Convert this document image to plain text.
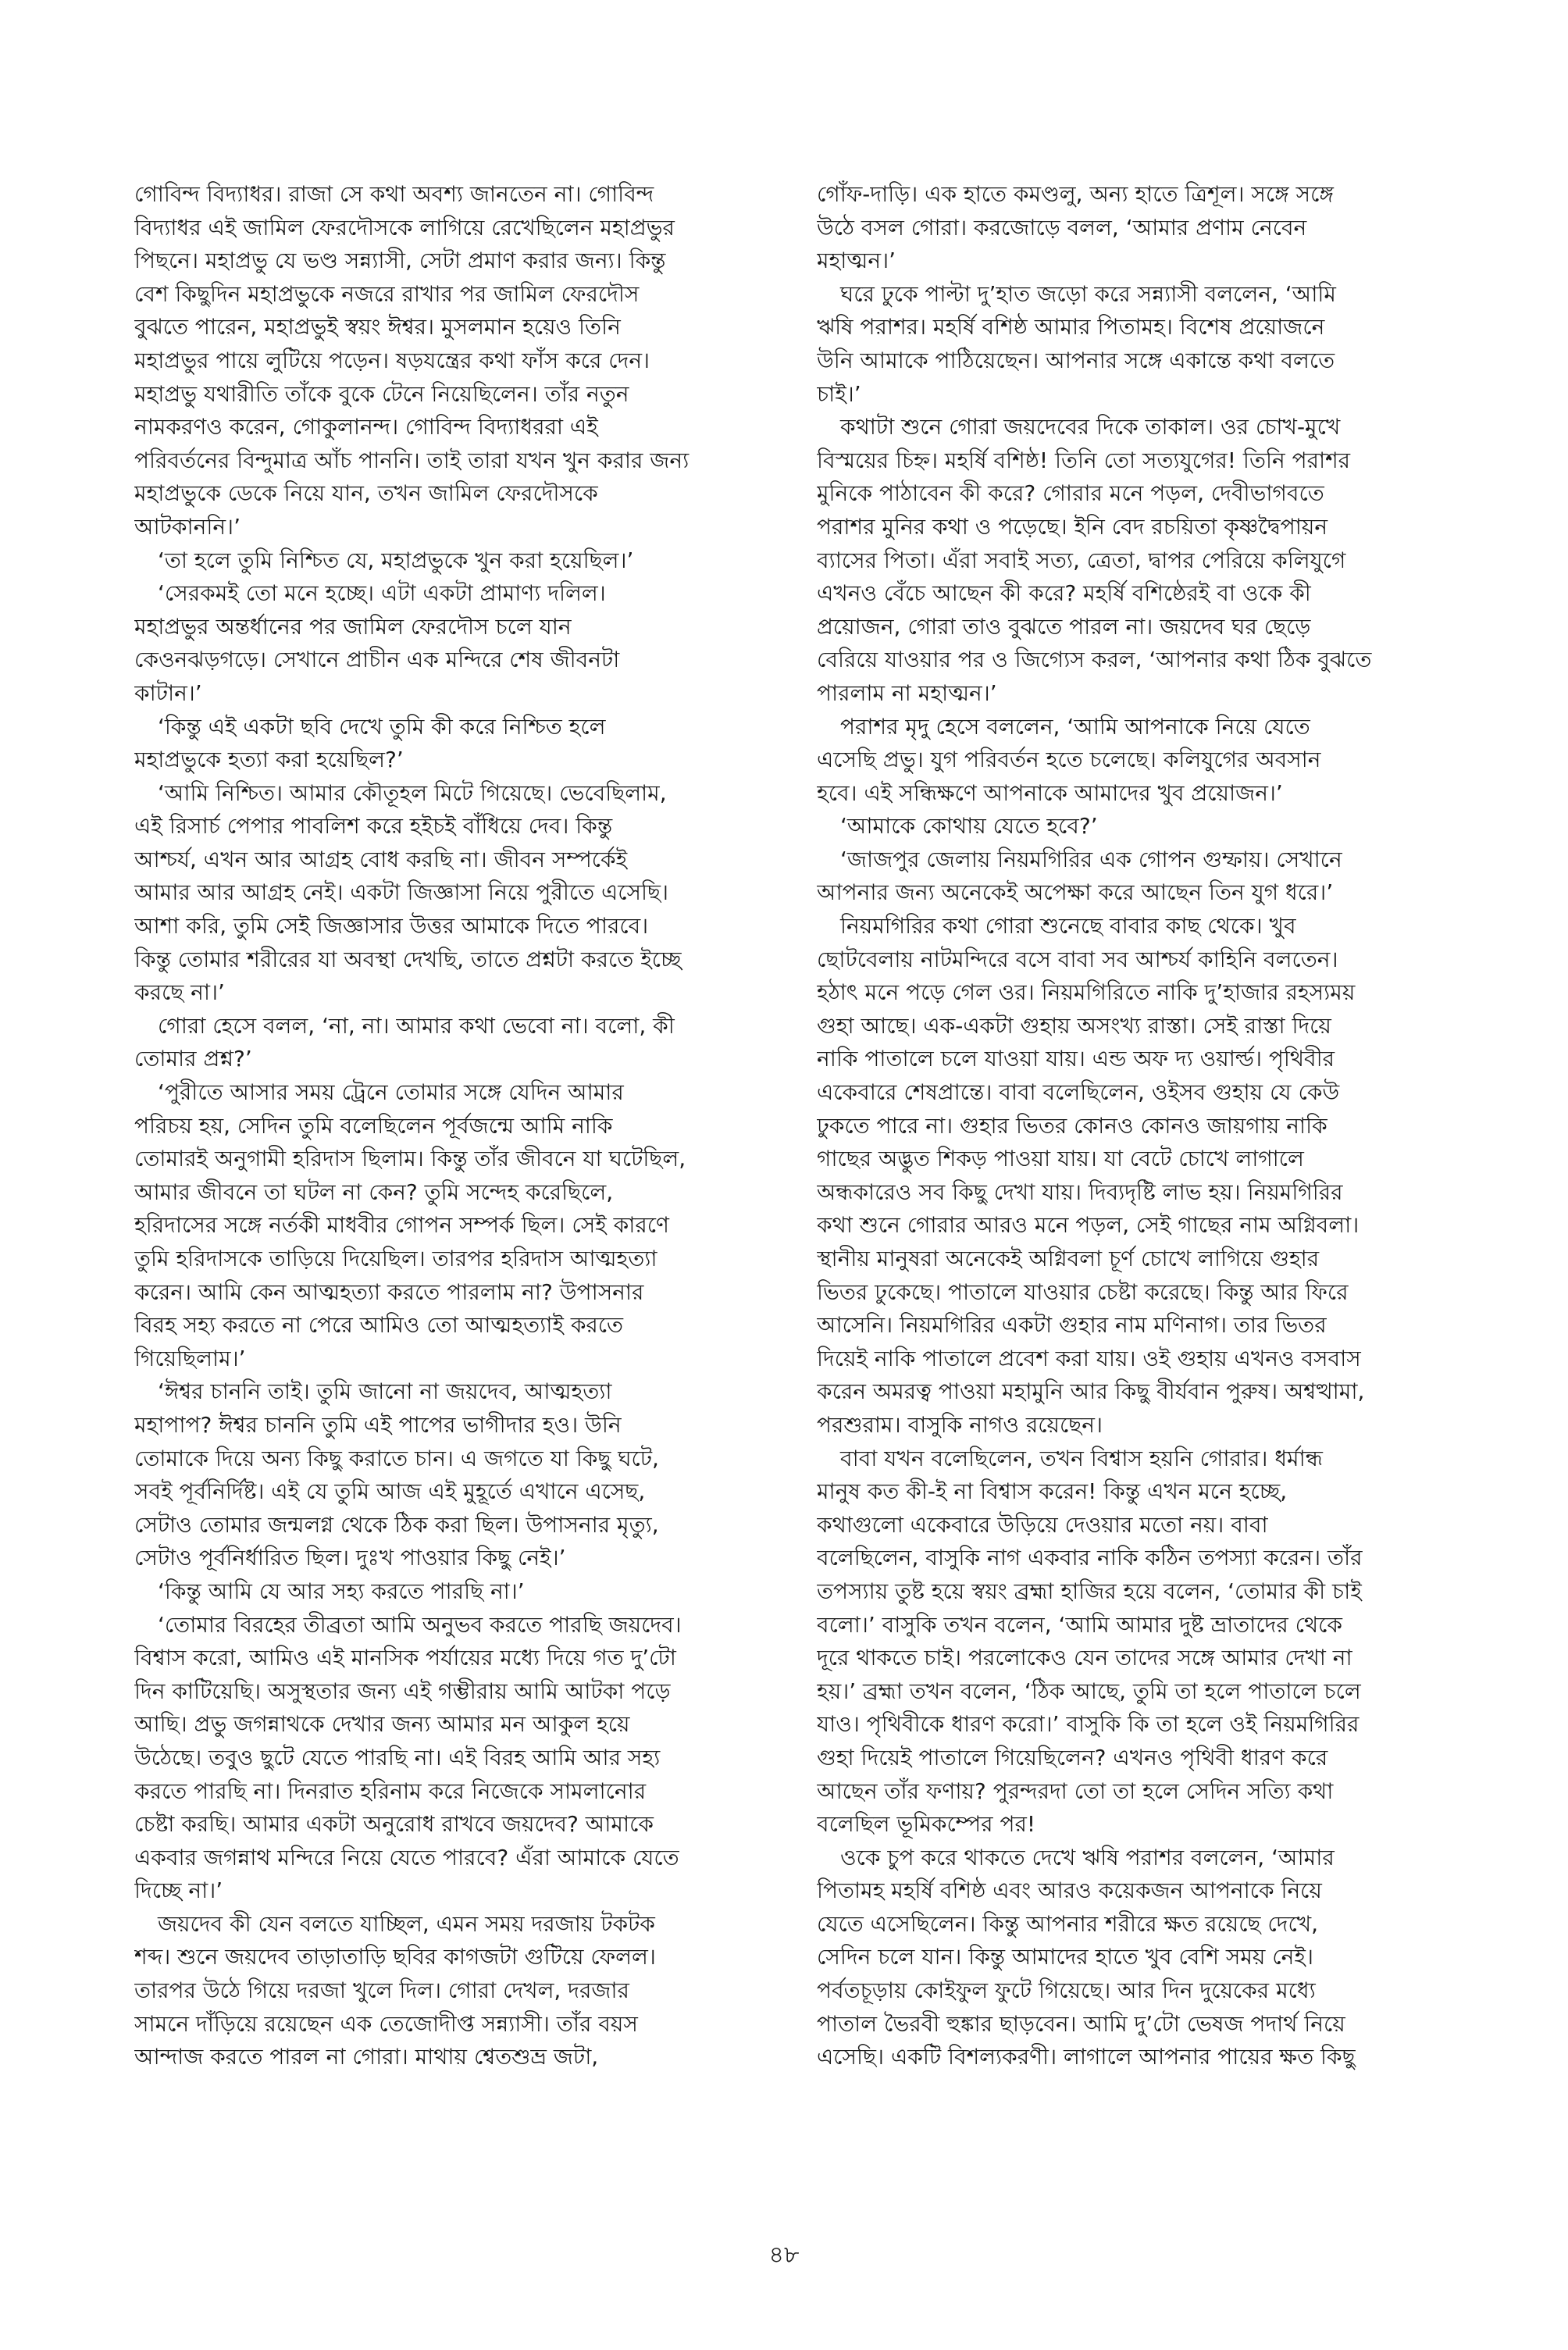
গোবিন্দ বিদ্যাধর। রাজা সে কথা অবশ্য জানতেন না। গোবিন্দ
বিদ্যাধর এই জামিল ফেরদৌসকে লাগিয়ে রেখেছিলেন মহাপ্রভুর
পিছনে। মহাপ্রভু যে ভণ্ড সন্ন্যাসী, সেটা প্রমাণ করার জন্য। কিন্তু
বেশ কিছুদিন মহাপ্রভুকে নজরে রাখার পর জামিল ফেরদৌস
বুঝতে পারেন, মহাপ্রভুই স্বয়ং ঈশ্বর। মুসলমান হয়েও তিনি
মহাপ্রভুর পায়ে লুটিয়ে পড়েন। ষড়যন্ত্রের কথা ফাঁস করে দেন।
মহাপ্রভু যথারীতি তাঁকে বুকে টেনে নিয়েছিলেন। তাঁর নতুন
নামকরণও করেন, গোকুলানন্দ। গোবিন্দ বিদ্যাধররা এই
পরিবর্তনের বিন্দুমাত্র আঁচ পাননি। তাই তারা যখন খুন করার জন্য
মহাপ্রভুকে ডেকে নিয়ে যান, তখন জামিল ফেরদৌসকে
আটকাননি।’
‘তা হলে তুমি নিশ্চিত যে, মহাপ্রভুকে খুন করা হয়েছিল।’
‘সেরকমই তো মনে হচ্ছে। এটা একটা প্রামাণ্য দলিল।
মহাপ্রভুর অন্তর্ধানের পর জামিল ফেরদৌস চলে যান
কেওনঝড়গড়ে। সেখানে প্রাচীন এক মন্দিরে শেষ জীবনটা
কাটান।’
‘কিন্তু এই একটা ছবি দেখে তুমি কী করে নিশ্চিত হলে
মহাপ্রভুকে হত্যা করা হয়েছিল?’
‘আমি নিশ্চিত। আমার কৌতূহল মিটে গিয়েছে। ভেবেছিলাম,
এই রিসার্চ পেপার পাবলিশ করে হইচই বাঁধিয়ে দেব। কিন্তু
আশ্চর্য, এখন আর আগ্রহ বোধ করছি না। জীবন সম্পর্কেই
আমার আর আগ্রহ নেই। একটা জিজ্ঞাসা নিয়ে পুরীতে এসেছি।
আশা করি, তুমি সেই জিজ্ঞাসার উত্তর আমাকে দিতে পারবে।
কিন্তু তোমার শরীরের যা অবস্থা দেখছি, তাতে প্রশ্নটা করতে ইচ্ছে
করছে না।’
গোরা হেসে বলল, ‘না, না। আমার কথা ভেবো না। বলো, কী
তোমার প্রশ্ন?’
‘পুরীতে আসার সময় ট্রেনে তোমার সঙ্গে যেদিন আমার
পরিচয় হয়, সেদিন তুমি বলেছিলেন পূর্বজন্মে আমি নাকি
তোমারই অনুগামী হরিদাস ছিলাম। কিন্তু তাঁর জীবনে যা ঘটেছিল,
আমার জীবনে তা ঘটল না কেন? তুমি সন্দেহ করেছিলে,
হরিদাসের সঙ্গে নর্তকী মাধবীর গোপন সম্পর্ক ছিল। সেই কারণে
তুমি হরিদাসকে তাড়িয়ে দিয়েছিল। তারপর হরিদাস আত্মহত্যা
করেন। আমি কেন আত্মহত্যা করতে পারলাম না? উপাসনার
বিরহ সহ্য করতে না পেরে আমিও তো আত্মহত্যাই করতে
গিয়েছিলাম।’
‘ঈশ্বর চাননি তাই। তুমি জানো না জয়দেব, আত্মহত্যা
মহাপাপ? ঈশ্বর চাননি তুমি এই পাপের ভাগীদার হও। উনি
তোমাকে দিয়ে অন্য কিছু করাতে চান। এ জগতে যা কিছু ঘটে,
সবই পূর্বনির্দিষ্ট। এই যে তুমি আজ এই মুহূর্তে এখানে এসেছ,
সেটাও তোমার জন্মলগ্ন থেকে ঠিক করা ছিল। উপাসনার মৃত্যু,
সেটাও পূর্বনির্ধারিত ছিল। দুঃখ পাওয়ার কিছু নেই।’
‘কিন্তু আমি যে আর সহ্য করতে পারছি না।’
‘তোমার বিরহের তীব্রতা আমি অনুভব করতে পারছি জয়দেব।
বিশ্বাস করো, আমিও এই মানসিক পর্যায়ের মধ্যে দিয়ে গত দু’টো
দিন কাটিয়েছি। অসুস্থতার জন্য এই গম্ভীরায় আমি আটকা পড়ে
আছি। প্রভু জগন্নাথকে দেখার জন্য আমার মন আকুল হয়ে
উঠেছে। তবুও ছুটে যেতে পারছি না। এই বিরহ আমি আর সহ্য
করতে পারছি না। দিনরাত হরিনাম করে নিজেকে সামলানোর
চেষ্টা করছি। আমার একটা অনুরোধ রাখবে জয়দেব? আমাকে
একবার জগন্নাথ মন্দিরে নিয়ে যেতে পারবে? এঁরা আমাকে যেতে
দিচ্ছে না।’
জয়দেব কী যেন বলতে যাচ্ছিল, এমন সময় দরজায় টকটক
শব্দ। শুনে জয়দেব তাড়াতাড়ি ছবির কাগজটা গুটিয়ে ফেলল।
তারপর উঠে গিয়ে দরজা খুলে দিল। গোরা দেখল, দরজার
সামনে দাঁড়িয়ে রয়েছেন এক তেজোদীপ্ত সন্ন্যাসী। তাঁর বয়স
আন্দাজ করতে পারল না গোরা। মাথায় শ্বেতশুভ্র জটা,
গোঁফ-দাড়ি। এক হাতে কমণ্ডলু, অন্য হাতে ত্রিশূল। সঙ্গে সঙ্গে
উঠে বসল গোরা। করজোড়ে বলল, ‘আমার প্রণাম নেবেন
মহাত্মন।’
ঘরে ঢুকে পাল্টা দু’হাত জড়ো করে সন্ন্যাসী বললেন, ‘আমি
ঋষি পরাশর। মহর্ষি বশিষ্ঠ আমার পিতামহ। বিশেষ প্রয়োজনে
উনি আমাকে পাঠিয়েছেন। আপনার সঙ্গে একান্তে কথা বলতে
চাই।’
কথাটা শুনে গোরা জয়দেবের দিকে তাকাল। ওর চোখ-মুখে
বিস্ময়ের চিহ্ন। মহর্ষি বশিষ্ঠ! তিনি তো সত্যযুগের! তিনি পরাশর
মুনিকে পাঠাবেন কী করে? গোরার মনে পড়ল, দেবীভাগবতে
পরাশর মুনির কথা ও পড়েছে। ইনি বেদ রচয়িতা কৃষ্ণদ্বৈপায়ন
ব্যাসের পিতা। এঁরা সবাই সত্য, ত্রেতা, দ্বাপর পেরিয়ে কলিযুগে
এখনও বেঁচে আছেন কী করে? মহর্ষি বশিষ্ঠেরই বা ওকে কী
প্রয়োজন, গোরা তাও বুঝতে পারল না। জয়দেব ঘর ছেড়ে
বেরিয়ে যাওয়ার পর ও জিগ্যেস করল, ‘আপনার কথা ঠিক বুঝতে
পারলাম না মহাত্মন।’
পরাশর মৃদু হেসে বললেন, ‘আমি আপনাকে নিয়ে যেতে
এসেছি প্রভু। যুগ পরিবর্তন হতে চলেছে। কলিযুগের অবসান
হবে। এই সন্ধিক্ষণে আপনাকে আমাদের খুব প্রয়োজন।’
‘আমাকে কোথায় যেতে হবে?’
‘জাজপুর জেলায় নিয়মগিরির এক গোপন গুম্ফায়। সেখানে
আপনার জন্য অনেকেই অপেক্ষা করে আছেন তিন যুগ ধরে।’
নিয়মগিরির কথা গোরা শুনেছে বাবার কাছ থেকে। খুব
ছোটবেলায় নাটমন্দিরে বসে বাবা সব আশ্চর্য কাহিনি বলতেন।
হঠাৎ মনে পড়ে গেল ওর। নিয়মগিরিতে নাকি দু’হাজার রহস্যময়
গুহা আছে। এক-একটা গুহায় অসংখ্য রাস্তা। সেই রাস্তা দিয়ে
নাকি পাতালে চলে যাওয়া যায়। এন্ড অফ দ্য ওয়ার্ল্ড। পৃথিবীর
একেবারে শেষপ্রান্তে। বাবা বলেছিলেন, ওইসব গুহায় যে কেউ
ঢুকতে পারে না। গুহার ভিতর কোনও কোনও জায়গায় নাকি
গাছের অদ্ভুত শিকড় পাওয়া যায়। যা বেটে চোখে লাগালে
অন্ধকারেও সব কিছু দেখা যায়। দিব্যদৃষ্টি লাভ হয়। নিয়মগিরির
কথা শুনে গোরার আরও মনে পড়ল, সেই গাছের নাম অগ্নিবলা।
স্থানীয় মানুষরা অনেকেই অগ্নিবলা চূর্ণ চোখে লাগিয়ে গুহার
ভিতর ঢুকেছে। পাতালে যাওয়ার চেষ্টা করেছে। কিন্তু আর ফিরে
আসেনি। নিয়মগিরির একটা গুহার নাম মণিনাগ। তার ভিতর
দিয়েই নাকি পাতালে প্রবেশ করা যায়। ওই গুহায় এখনও বসবাস
করেন অমরত্ব পাওয়া মহামুনি আর কিছু বীর্যবান পুরুষ। অশ্বত্থামা,
পরশুরাম। বাসুকি নাগও রয়েছেন।
বাবা যখন বলেছিলেন, তখন বিশ্বাস হয়নি গোরার। ধর্মান্ধ
মানুষ কত কী-ই না বিশ্বাস করেন! কিন্তু এখন মনে হচ্ছে,
কথাগুলো একেবারে উড়িয়ে দেওয়ার মতো নয়। বাবা
বলেছিলেন, বাসুকি নাগ একবার নাকি কঠিন তপস্যা করেন। তাঁর
তপস্যায় তুষ্ট হয়ে স্বয়ং ব্রহ্মা হাজির হয়ে বলেন, ‘তোমার কী চাই
বলো।’ বাসুকি তখন বলেন, ‘আমি আমার দুষ্ট ভ্রাতাদের থেকে
দূরে থাকতে চাই। পরলোকেও যেন তাদের সঙ্গে আমার দেখা না
হয়।’ ব্রহ্মা তখন বলেন, ‘ঠিক আছে, তুমি তা হলে পাতালে চলে
যাও। পৃথিবীকে ধারণ করো।’ বাসুকি কি তা হলে ওই নিয়মগিরির
গুহা দিয়েই পাতালে গিয়েছিলেন? এখনও পৃথিবী ধারণ করে
আছেন তাঁর ফণায়? পুরন্দরদা তো তা হলে সেদিন সত্যি কথা
বলেছিল ভূমিকম্পের পর!
ওকে চুপ করে থাকতে দেখে ঋষি পরাশর বললেন, ‘আমার
পিতামহ মহর্ষি বশিষ্ঠ এবং আরও কয়েকজন আপনাকে নিয়ে
যেতে এসেছিলেন। কিন্তু আপনার শরীরে ক্ষত রয়েছে দেখে,
সেদিন চলে যান। কিন্তু আমাদের হাতে খুব বেশি সময় নেই।
পর্বতচূড়ায় কোইফুল ফুটে গিয়েছে। আর দিন দুয়েকের মধ্যে
পাতাল ভৈরবী হুঙ্কার ছাড়বেন। আমি দু’টো ভেষজ পদার্থ নিয়ে
এসেছি। একটি বিশল্যকরণী। লাগালে আপনার পায়ের ক্ষত কিছু
৪৮
